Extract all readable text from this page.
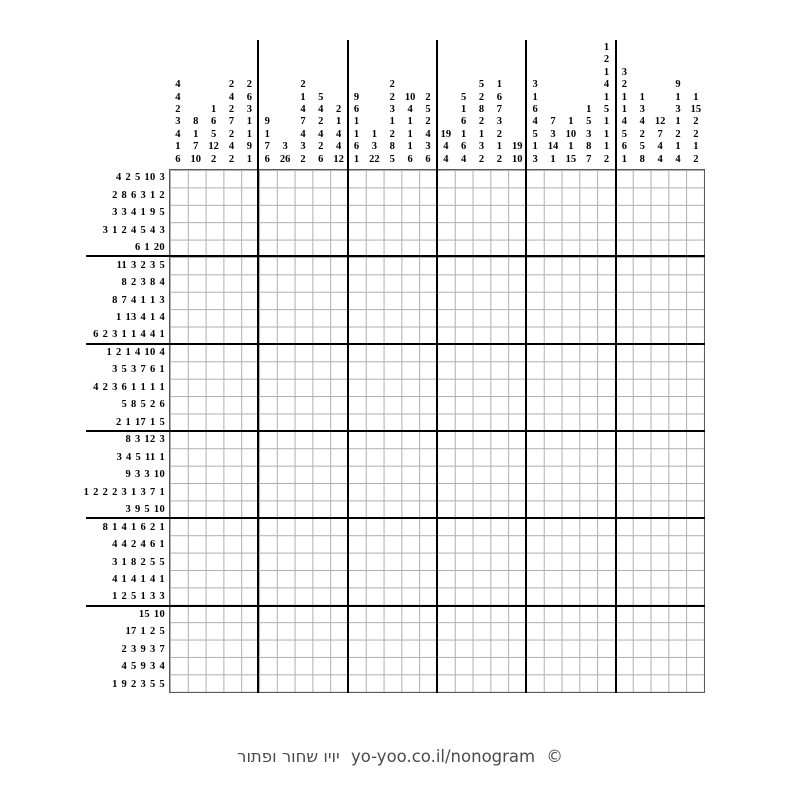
4
4
2
3
4
1
6
8
1
7
10
1
6
5
12
2
2
4
2
7
2
4
2
2
6
3
1
1
9
1
9
1
7
6
3
26
2
1
4
7
4
3
2
5
4
2
4
2
6
2
1
4
4
12
9
6
1
1
6
1
1
3
22
2
2
3
1
2
8
5
10
4
1
1
1
6
2
5
2
4
3
6
19
4
4
5
1
6
1
6
4
5
2
8
2
1
3
2
1
6
7
3
2
1
2
19
10
3
1
6
4
5
1
3
7
3
14
1
1
10
1
15
1
5
3
8
7
1
2
1
4
1
5
1
1
1
2
3
2
1
1
4
5
6
1
1
3
4
2
5
8
12
7
4
4
9
1
3
1
2
1
4
1
15
2
2
1
2
4 2 5 10 3
2 8 6 3 1 2
3 3 4 1 9 5
3 1 2 4 5 4 3
6 1 20
11 3 2 3 5
8 2 3 8 4
8 7 4 1 1 3
1 13 4 1 4
6 2 3 1 1 4 4 1
1 2 1 4 10 4
3 5 3 7 6 1
4 2 3 6 1 1 1 1
5 8 5 2 6
2 1 17 1 5
8 3 12 3
3 4 5 11 1
9 3 3 10
1 2 2 2 3 1 3 7 1
3 9 5 10
8 1 4 1 6 2 1
4 4 2 4 6 1
3 1 8 2 5 5
4 1 4 1 4 1
1 2 5 1 3 3
15 10
17 1 2 5
2 3 9 3 7
4 5 9 3 4
1 9 2 3 5 5
יויו שחור ופתור yo-yoo.co.il/nonogram ©
